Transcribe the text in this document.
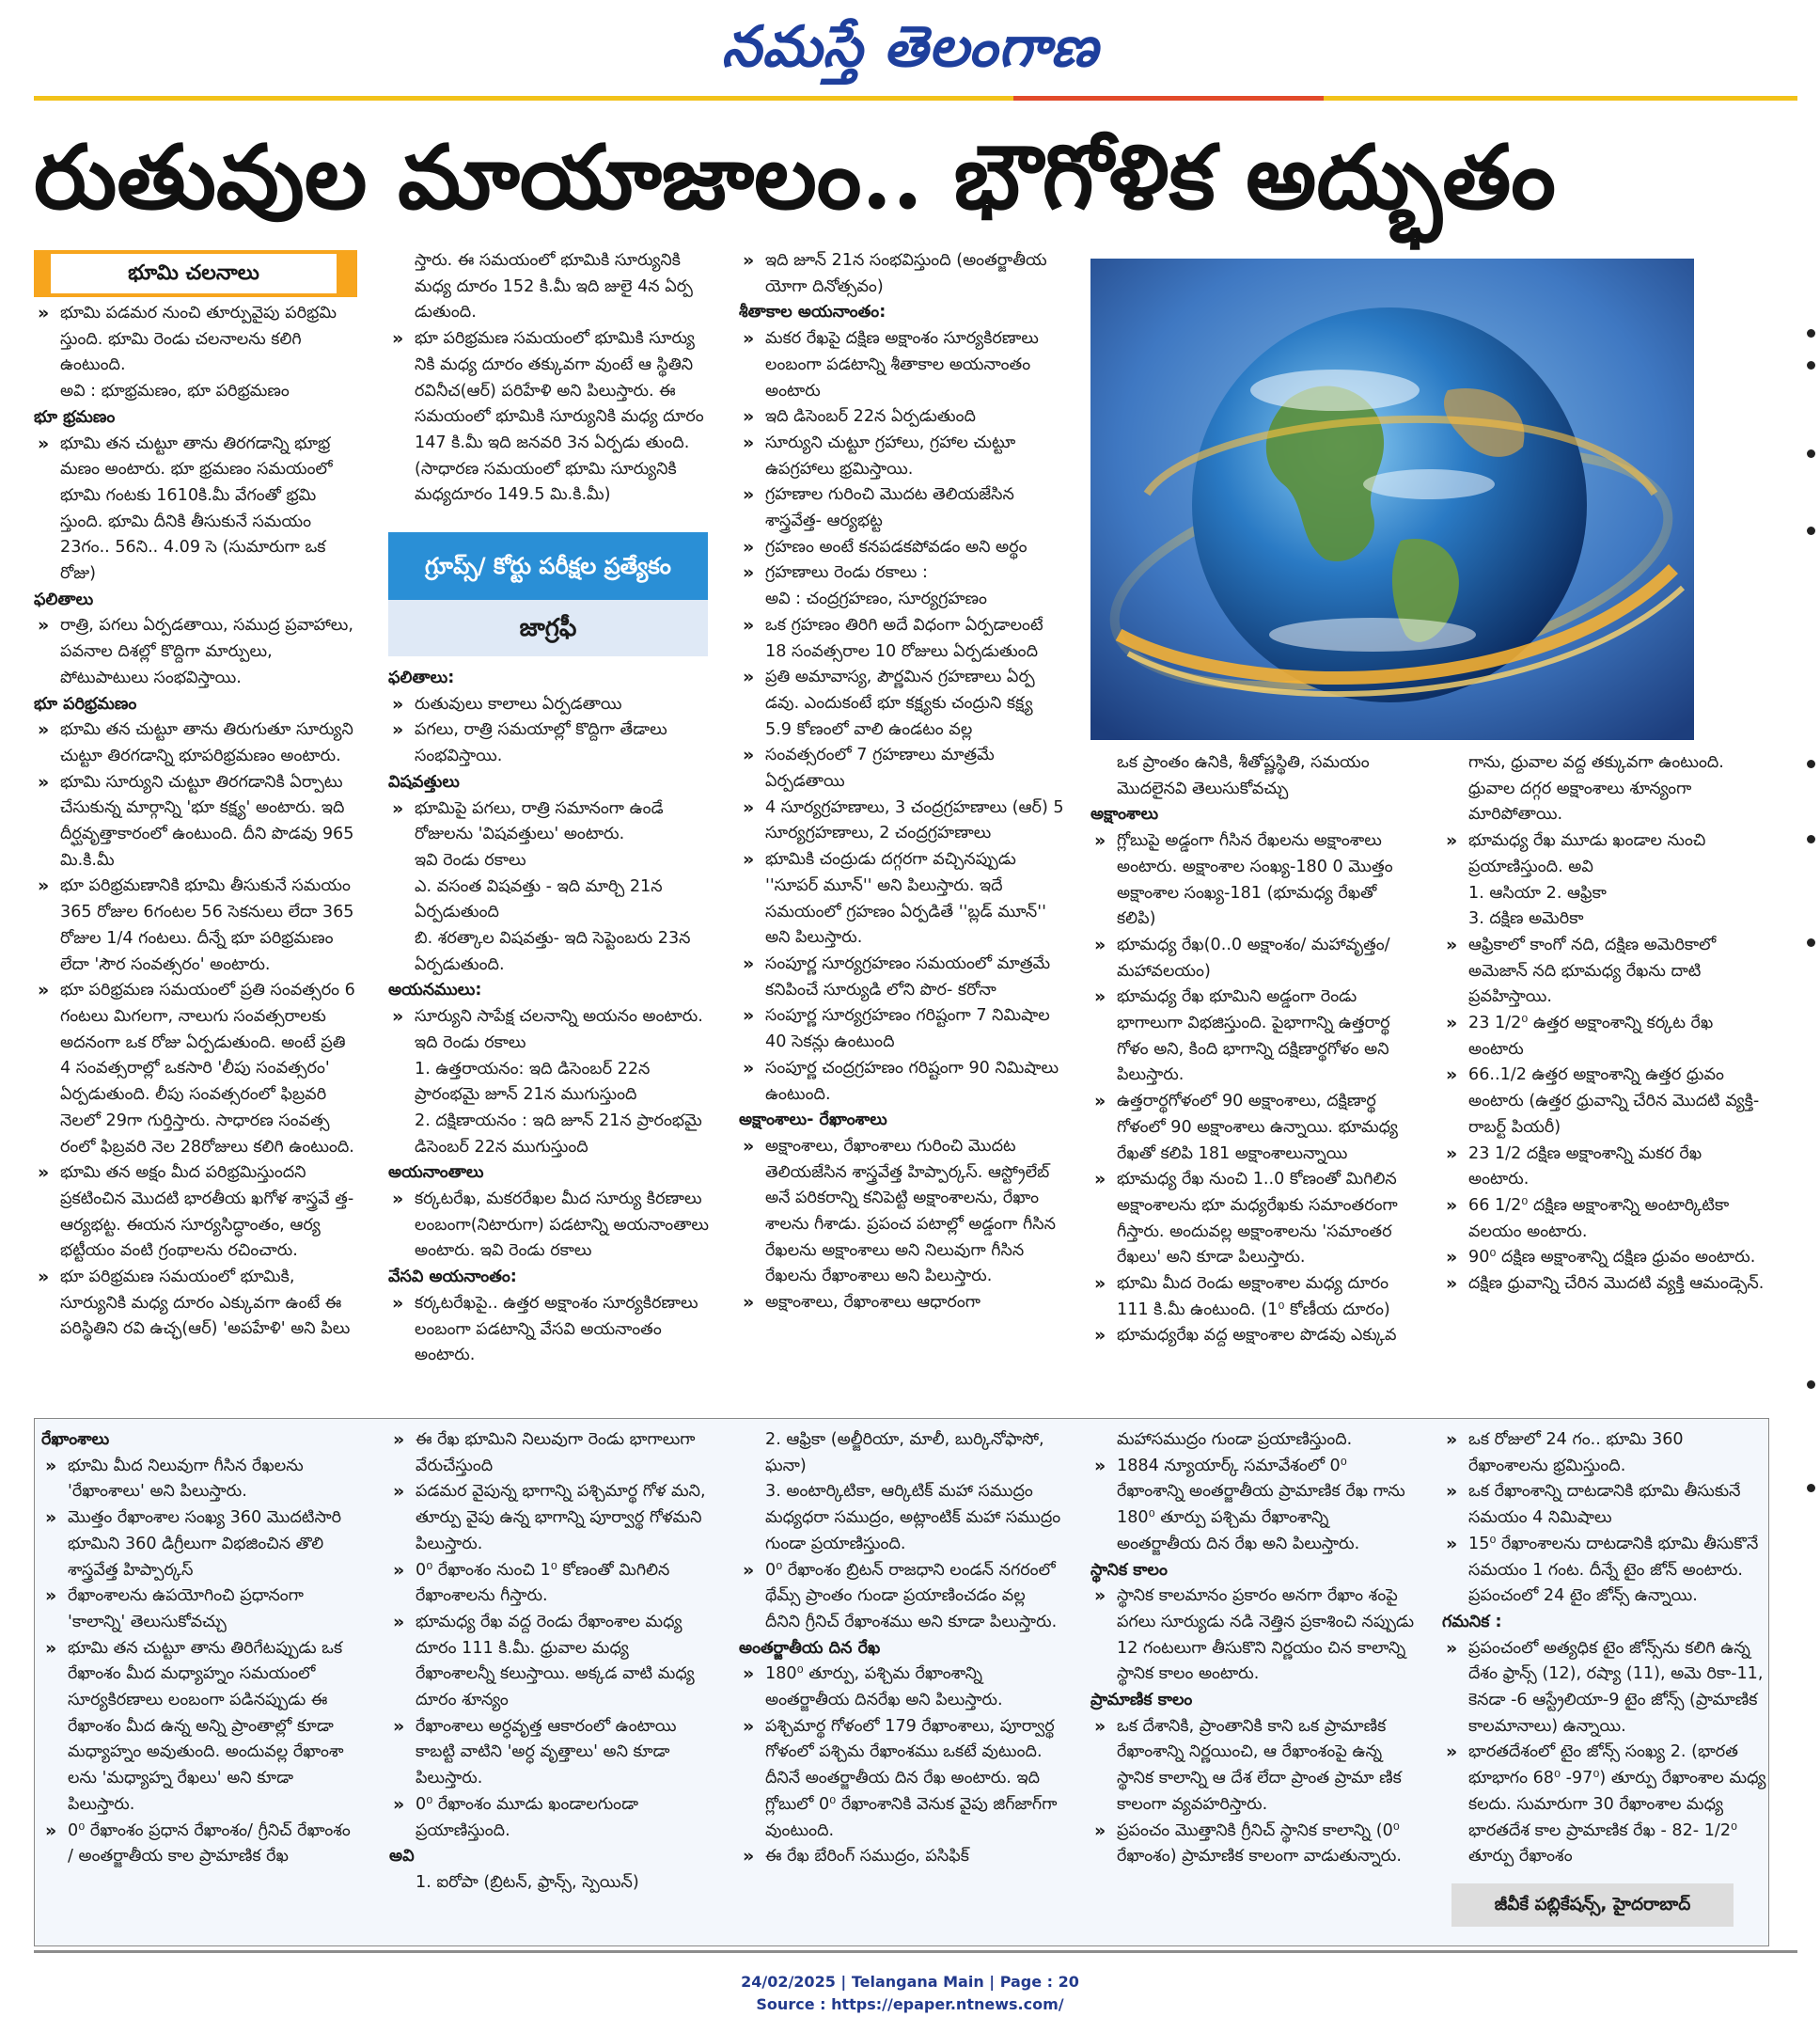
నమస్తే తెలంగాణ
రుతువుల మాయాజాలం.. భౌగోళిక అద్భుతం
భూమి చలనాలు

» భూమి పడమర నుంచి తూర్పువైపు పరిభ్రమి స్తుంది. భూమి రెండు చలనాలను కలిగి ఉంటుంది.

అవి : భూభ్రమణం, భూ పరిభ్రమణం

భూ భ్రమణం

» భూమి తన చుట్టూ తాను తిరగడాన్ని భూభ్ర మణం అంటారు. భూ భ్రమణం సమయంలో భూమి గంటకు 1610కి.మీ వేగంతో భ్రమి స్తుంది. భూమి దీనికి తీసుకునే సమయం 23గం.. 56ని.. 4.09 సె (సుమారుగా ఒక రోజు)

ఫలితాలు

» రాత్రి, పగలు ఏర్పడతాయి, సముద్ర ప్రవాహాలు, పవనాల దిశల్లో కొద్దిగా మార్పులు, పోటుపాటులు సంభవిస్తాయి.

భూ పరిభ్రమణం

» భూమి తన చుట్టూ తాను తిరుగుతూ సూర్యుని చుట్టూ తిరగడాన్ని భూపరిభ్రమణం అంటారు.

» భూమి సూర్యుని చుట్టూ తిరగడానికి ఏర్పాటు చేసుకున్న మార్గాన్ని 'భూ కక్ష్య' అంటారు. ఇది దీర్ఘవృత్తాకారంలో ఉంటుంది. దీని పొడవు 965 మి.కి.మీ

» భూ పరిభ్రమణానికి భూమి తీసుకునే సమయం 365 రోజుల 6గంటల 56 సెకనులు లేదా 365 రోజుల 1/4 గంటలు. దీన్నే భూ పరిభ్రమణం లేదా 'సౌర సంవత్సరం' అంటారు.

» భూ పరిభ్రమణ సమయంలో ప్రతి సంవత్సరం 6 గంటలు మిగలగా, నాలుగు సంవత్సరాలకు అదనంగా ఒక రోజు ఏర్పడుతుంది. అంటే ప్రతి 4 సంవత్సరాల్లో ఒకసారి 'లీపు సంవత్సరం' ఏర్పడుతుంది. లీపు సంవత్సరంలో ఫిబ్రవరి నెలలో 29గా గుర్తిస్తారు. సాధారణ సంవత్స రంలో ఫిబ్రవరి నెల 28రోజులు కలిగి ఉంటుంది.

» భూమి తన అక్షం మీద పరిభ్రమిస్తుందని ప్రకటించిన మొదటి భారతీయ ఖగోళ శాస్త్రవే త్త-ఆర్యభట్ట. ఈయన సూర్యసిద్ధాంతం, ఆర్య భట్టీయం వంటి గ్రంథాలను రచించారు.

» భూ పరిభ్రమణ సమయంలో భూమికి, సూర్యునికి మధ్య దూరం ఎక్కువగా ఉంటే ఈ పరిస్థితిని రవి ఉచ్ఛ(ఆర్‌) 'అపహేళి' అని పిలు

స్తారు. ఈ సమయంలో భూమికి సూర్యునికి మధ్య దూరం 152 కి.మీ ఇది జులై 4న ఏర్ప డుతుంది.

» భూ పరిభ్రమణ సమయంలో భూమికి సూర్యు నికి మధ్య దూరం తక్కువగా వుంటే ఆ స్థితిని రవినీచ(ఆర్‌) పరిహేళి అని పిలుస్తారు. ఈ సమయంలో భూమికి సూర్యునికి మధ్య దూరం 147 కి.మీ ఇది జనవరి 3న ఏర్పడు తుంది. (సాధారణ సమయంలో భూమి సూర్యునికి మధ్యదూరం 149.5 మి.కి.మీ)

గ్రూప్స్‌/ కోర్టు పరీక్షల ప్రత్యేకం
జాగ్రఫీ

ఫలితాలు:

» రుతువులు కాలాలు ఏర్పడతాయి

» పగలు, రాత్రి సమయాల్లో కొద్దిగా తేడాలు సంభవిస్తాయి.

విషవత్తులు

» భూమిపై పగలు, రాత్రి సమానంగా ఉండే రోజులను 'విషవత్తులు' అంటారు.

ఇవి రెండు రకాలు

ఎ. వసంత విషవత్తు - ఇది మార్చి 21న ఏర్పడుతుంది

బి. శరత్కాల విషవత్తు- ఇది సెప్టెంబరు 23న ఏర్పడుతుంది.

అయనములు:

» సూర్యుని సాపేక్ష చలనాన్ని అయనం అంటారు. ఇది రెండు రకాలు

1. ఉత్తరాయనం: ఇది డిసెంబర్‌ 22న ప్రారంభమై జూన్‌ 21న ముగుస్తుంది

2. దక్షిణాయనం : ఇది జూన్‌ 21న ప్రారంభమై డిసెంబర్‌ 22న ముగుస్తుంది

అయనాంతాలు

» కర్కటరేఖ, మకరరేఖల మీద సూర్యు కిరణాలు లంబంగా(నిటారుగా) పడటాన్ని అయనాంతాలు అంటారు. ఇవి రెండు రకాలు

వేసవి అయనాంతం:

» కర్కటరేఖపై.. ఉత్తర అక్షాంశం సూర్యకిరణాలు లంబంగా పడటాన్ని వేసవి అయనాంతం అంటారు.

» ఇది జూన్‌ 21న సంభవిస్తుంది (అంతర్జాతీయ యోగా దినోత్సవం)

శీతాకాల అయనాంతం:

» మకర రేఖపై దక్షిణ అక్షాంశం సూర్యకిరణాలు లంబంగా పడటాన్ని శీతాకాల అయనాంతం అంటారు

» ఇది డిసెంబర్‌ 22న ఏర్పడుతుంది

» సూర్యుని చుట్టూ గ్రహాలు, గ్రహాల చుట్టూ ఉపగ్రహాలు భ్రమిస్తాయి.

» గ్రహణాల గురించి మొదట తెలియజేసిన శాస్త్రవేత్త- ఆర్యభట్ట

» గ్రహణం అంటే కనపడకపోవడం అని అర్థం

» గ్రహణాలు రెండు రకాలు :

అవి : చంద్రగ్రహణం, సూర్యగ్రహణం

» ఒక గ్రహణం తిరిగి అదే విధంగా ఏర్పడాలంటే 18 సంవత్సరాల 10 రోజులు ఏర్పడుతుంది

» ప్రతి అమావాస్య, పౌర్ణమిన గ్రహణాలు ఏర్ప డవు. ఎందుకంటే భూ కక్ష్యకు చంద్రుని కక్ష్య 5.9 కోణంలో వాలి ఉండటం వల్ల

» సంవత్సరంలో 7 గ్రహణాలు మాత్రమే ఏర్పడతాయి

» 4 సూర్యగ్రహణాలు, 3 చంద్రగ్రహణాలు (ఆర్‌) 5 సూర్యగ్రహణాలు, 2 చంద్రగ్రహణాలు

» భూమికి చంద్రుడు దగ్గరగా వచ్చినప్పుడు ''సూపర్‌ మూన్‌'' అని పిలుస్తారు. ఇదే సమయంలో గ్రహణం ఏర్పడితే ''బ్లడ్‌ మూన్‌'' అని పిలుస్తారు.

» సంపూర్ణ సూర్యగ్రహణం సమయంలో మాత్రమే కనిపించే సూర్యుడి లోని పొర- కరోనా

» సంపూర్ణ సూర్యగ్రహణం గరిష్టంగా 7 నిమిషాల 40 సెకన్లు ఉంటుంది

» సంపూర్ణ చంద్రగ్రహణం గరిష్టంగా 90 నిమిషాలు ఉంటుంది.

అక్షాంశాలు- రేఖాంశాలు

» అక్షాంశాలు, రేఖాంశాలు గురించి మొదట తెలియజేసిన శాస్త్రవేత్త హిప్పార్కస్‌. ఆస్ట్రోలేబ్‌ అనే పరికరాన్ని కనిపెట్టి అక్షాంశాలను, రేఖాం శాలను గీశాడు. ప్రపంచ పటాల్లో అడ్డంగా గీసిన రేఖలను అక్షాంశాలు అని నిలువుగా గీసిన రేఖలను రేఖాంశాలు అని పిలుస్తారు.

» అక్షాంశాలు, రేఖాంశాలు ఆధారంగా

ఒక ప్రాంతం ఉనికి, శీతోష్ణస్థితి, సమయం మొదలైనవి తెలుసుకోవచ్చు

అక్షాంశాలు

» గ్లోబుపై అడ్డంగా గీసిన రేఖలను అక్షాంశాలు అంటారు. అక్షాంశాల సంఖ్య-180 0 మొత్తం అక్షాంశాల సంఖ్య-181 (భూమధ్య రేఖతో కలిపి)

» భూమధ్య రేఖ(0..0 అక్షాంశం/ మహావృత్తం/ మహావలయం)

» భూమధ్య రేఖ భూమిని అడ్డంగా రెండు భాగాలుగా విభజిస్తుంది. పైభాగాన్ని ఉత్తరార్థ గోళం అని, కింది భాగాన్ని దక్షిణార్థగోళం అని పిలుస్తారు.

» ఉత్తరార్థగోళంలో 90 అక్షాంశాలు, దక్షిణార్థ గోళంలో 90 అక్షాంశాలు ఉన్నాయి. భూమధ్య రేఖతో కలిపి 181 అక్షాంశాలున్నాయి

» భూమధ్య రేఖ నుంచి 1..0 కోణంతో మిగిలిన అక్షాంశాలను భూ మధ్యరేఖకు సమాంతరంగా గీస్తారు. అందువల్ల అక్షాంశాలను 'సమాంతర రేఖలు' అని కూడా పిలుస్తారు.

» భూమి మీద రెండు అక్షాంశాల మధ్య దూరం 111 కి.మీ ఉంటుంది. (1⁰ కోణీయ దూరం)

» భూమధ్యరేఖ వద్ద అక్షాంశాల పొడవు ఎక్కువ

గాను, ధ్రువాల వద్ద తక్కువగా ఉంటుంది. ధ్రువాల దగ్గర అక్షాంశాలు శూన్యంగా మారిపోతాయి.

» భూమధ్య రేఖ మూడు ఖండాల నుంచి ప్రయాణిస్తుంది. అవి

1. ఆసియా 2. ఆఫ్రికా

3. దక్షిణ అమెరికా

» ఆఫ్రికాలో కాంగో నది, దక్షిణ అమెరికాలో అమెజాన్‌ నది భూమధ్య రేఖను దాటి ప్రవహిస్తాయి.

» 23 1/2⁰ ఉత్తర అక్షాంశాన్ని కర్కట రేఖ అంటారు

» 66..1/2 ఉత్తర అక్షాంశాన్ని ఉత్తర ధ్రువం అంటారు (ఉత్తర ధ్రువాన్ని చేరిన మొదటి వ్యక్తి- రాబర్ట్‌ పియరీ)

» 23 1/2 దక్షిణ అక్షాంశాన్ని మకర రేఖ అంటారు.

» 66 1/2⁰ దక్షిణ అక్షాంశాన్ని అంటార్కిటికా వలయం అంటారు.

» 90⁰ దక్షిణ అక్షాంశాన్ని దక్షిణ ధ్రువం అంటారు.

» దక్షిణ ధ్రువాన్ని చేరిన మొదటి వ్యక్తి ఆమండ్సెన్‌.

రేఖాంశాలు

» భూమి మీద నిలువుగా గీసిన రేఖలను 'రేఖాంశాలు' అని పిలుస్తారు.

» మొత్తం రేఖాంశాల సంఖ్య 360 మొదటిసారి భూమిని 360 డిగ్రీలుగా విభజించిన తొలి శాస్త్రవేత్త హిప్పార్కస్‌

» రేఖాంశాలను ఉపయోగించి ప్రధానంగా 'కాలాన్ని' తెలుసుకోవచ్చు

» భూమి తన చుట్టూ తాను తిరిగేటప్పుడు ఒక రేఖాంశం మీద మధ్యాహ్నం సమయంలో సూర్యకిరణాలు లంబంగా పడినప్పుడు ఈ రేఖాంశం మీద ఉన్న అన్ని ప్రాంతాల్లో కూడా మధ్యాహ్నం అవుతుంది. అందువల్ల రేఖాంశా లను 'మధ్యాహ్న రేఖలు' అని కూడా పిలుస్తారు.

» 0⁰ రేఖాంశం ప్రధాన రేఖాంశం/ గ్రీనిచ్‌ రేఖాంశం / అంతర్జాతీయ కాల ప్రామాణిక రేఖ

» ఈ రేఖ భూమిని నిలువుగా రెండు భాగాలుగా వేరుచేస్తుంది

» పడమర వైపున్న భాగాన్ని పశ్చిమార్థ గోళ మని, తూర్పు వైపు ఉన్న భాగాన్ని పూర్వార్థ గోళమని పిలుస్తారు.

» 0⁰ రేఖాంశం నుంచి 1⁰ కోణంతో మిగిలిన రేఖాంశాలను గీస్తారు.

» భూమధ్య రేఖ వద్ద రెండు రేఖాంశాల మధ్య దూరం 111 కి.మీ. ధ్రువాల మధ్య రేఖాంశాలన్నీ కలుస్తాయి. అక్కడ వాటి మధ్య దూరం శూన్యం

» రేఖాంశాలు అర్ధవృత్త ఆకారంలో ఉంటాయి కాబట్టి వాటిని 'అర్ధ వృత్తాలు' అని కూడా పిలుస్తారు.

» 0⁰ రేఖాంశం మూడు ఖండాలగుండా ప్రయాణిస్తుంది.

అవి

1. ఐరోపా (బ్రిటన్‌, ఫ్రాన్స్‌, స్పెయిన్‌)

2. ఆఫ్రికా (అల్జీరియా, మాలీ, బుర్కినోఫాసో, ఘనా)

3. అంటార్కిటికా, ఆర్కిటిక్‌ మహా సముద్రం మధ్యధరా సముద్రం, అట్లాంటిక్‌ మహా సముద్రం గుండా ప్రయాణిస్తుంది.

» 0⁰ రేఖాంశం బ్రిటన్‌ రాజధాని లండన్‌ నగరంలో థేమ్స్‌ ప్రాంతం గుండా ప్రయాణించడం వల్ల దీనిని గ్రీనిచ్‌ రేఖాంశము అని కూడా పిలుస్తారు.

అంతర్జాతీయ దిన రేఖ

» 180⁰ తూర్పు, పశ్చిమ రేఖాంశాన్ని అంతర్జాతీయ దినరేఖ అని పిలుస్తారు.

» పశ్చిమార్థ గోళంలో 179 రేఖాంశాలు, పూర్వార్థ గోళంలో పశ్చిమ రేఖాంశము ఒకటే వుటుంది. దీనినే అంతర్జాతీయ దిన రేఖ అంటారు. ఇది గ్లోబులో 0⁰ రేఖాంశానికి వెనుక వైపు జిగ్‌జాగ్‌గా వుంటుంది.

» ఈ రేఖ బేరింగ్‌ సముద్రం, పసిఫిక్‌

మహాసముద్రం గుండా ప్రయాణిస్తుంది.

» 1884 న్యూయార్క్‌ సమావేశంలో 0⁰ రేఖాంశాన్ని అంతర్జాతీయ ప్రామాణిక రేఖ గాను 180⁰ తూర్పు పశ్చిమ రేఖాంశాన్ని అంతర్జాతీయ దిన రేఖ అని పిలుస్తారు.

స్థానిక కాలం

» స్థానిక కాలమానం ప్రకారం అనగా రేఖాం శంపై పగలు సూర్యుడు నడి నెత్తిన ప్రకాశించి నప్పుడు 12 గంటలుగా తీసుకొని నిర్ణయం చిన కాలాన్ని స్థానిక కాలం అంటారు.

ప్రామాణిక కాలం

» ఒక దేశానికి, ప్రాంతానికి కాని ఒక ప్రామాణిక రేఖాంశాన్ని నిర్ణయించి, ఆ రేఖాంశంపై ఉన్న స్థానిక కాలాన్ని ఆ దేశ లేదా ప్రాంత ప్రామా ణిక కాలంగా వ్యవహరిస్తారు.

» ప్రపంచం మొత్తానికి గ్రీనిచ్‌ స్థానిక కాలాన్ని (0⁰ రేఖాంశం) ప్రామాణిక కాలంగా వాడుతున్నారు.

» ఒక రోజులో 24 గం.. భూమి 360 రేఖాంశాలను భ్రమిస్తుంది.

» ఒక రేఖాంశాన్ని దాటడానికి భూమి తీసుకునే సమయం 4 నిమిషాలు

» 15⁰ రేఖాంశాలను దాటడానికి భూమి తీసుకొనే సమయం 1 గంట. దీన్నే టైం జోన్‌ అంటారు. ప్రపంచంలో 24 టైం జోన్స్‌ ఉన్నాయి.

గమనిక :

» ప్రపంచంలో అత్యధిక టైం జోన్స్‌ను కలిగి ఉన్న దేశం ఫ్రాన్స్‌ (12), రష్యా (11), అమె రికా-11, కెనడా -6 ఆస్ట్రేలియా-9 టైం జోన్స్‌ (ప్రామాణిక కాలమానాలు) ఉన్నాయి.

» భారతదేశంలో టైం జోన్స్‌ సంఖ్య 2. (భారత భూభాగం 68⁰ -97⁰) తూర్పు రేఖాంశాల మధ్య కలదు. సుమారుగా 30 రేఖాంశాల మధ్య భారతదేశ కాల ప్రామాణిక రేఖ - 82- 1/2⁰ తూర్పు రేఖాంశం

జీవీకే పబ్లికేషన్స్‌, హైదరాబాద్‌
24/02/2025 | Telangana Main | Page : 20
Source : https://epaper.ntnews.com/
